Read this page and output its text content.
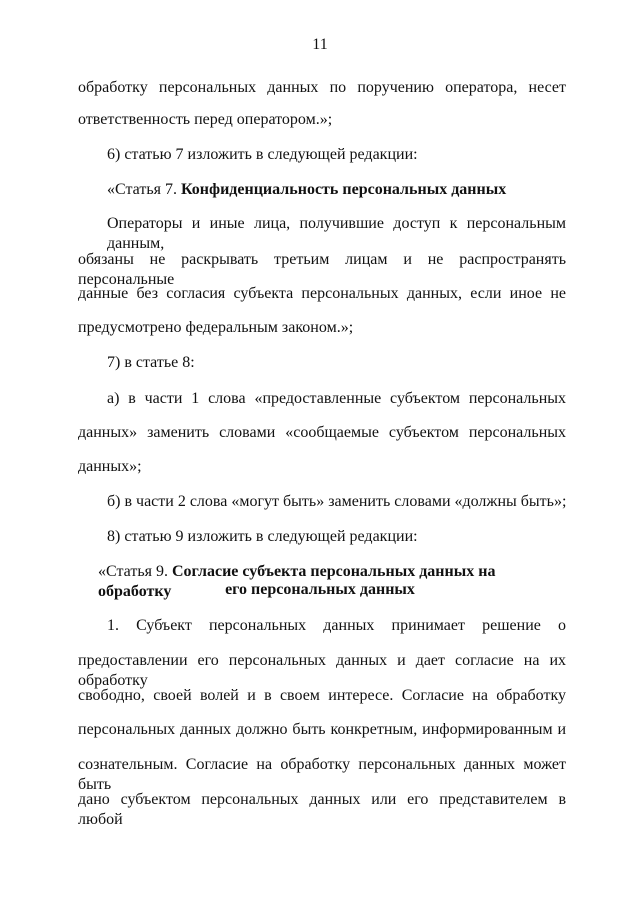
11
обработку персональных данных по поручению оператора, несет
ответственность перед оператором.»;
6) статью 7 изложить в следующей редакции:
«Статья 7. Конфиденциальность персональных данных
Операторы и иные лица, получившие доступ к персональным данным,
обязаны не раскрывать третьим лицам и не распространять персональные
данные без согласия субъекта персональных данных, если иное не
предусмотрено федеральным законом.»;
7) в статье 8:
а) в части 1 слова «предоставленные субъектом персональных
данных» заменить словами «сообщаемые субъектом персональных
данных»;
б) в части 2 слова «могут быть» заменить словами «должны быть»;
8) статью 9 изложить в следующей редакции:
«Статья 9. Согласие субъекта персональных данных на обработку	его персональных данных
1. Субъект персональных данных принимает решение о
предоставлении его персональных данных и дает согласие на их обработку
свободно, своей волей и в своем интересе. Согласие на обработку
персональных данных должно быть конкретным, информированным и
сознательным. Согласие на обработку персональных данных может быть
дано субъектом персональных данных или его представителем в любой
